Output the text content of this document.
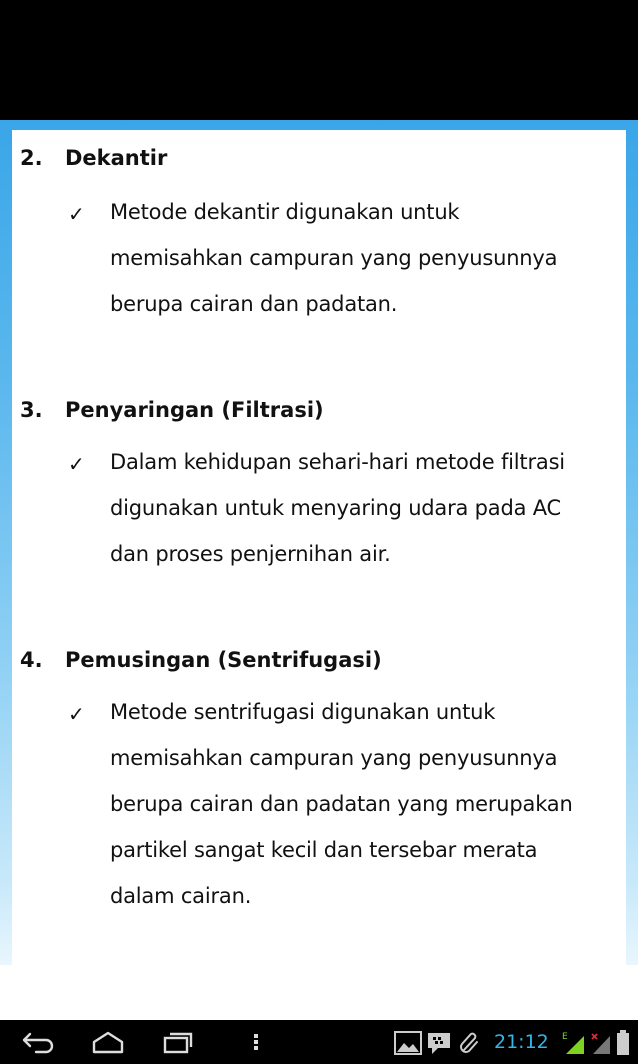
2. Dekantir
✓ Metode dekantir digunakan untuk
memisahkan campuran yang penyusunnya
berupa cairan dan padatan.
3. Penyaringan (Filtrasi)
✓ Dalam kehidupan sehari-hari metode filtrasi
digunakan untuk menyaring udara pada AC
dan proses penjernihan air.
4. Pemusingan (Sentrifugasi)
✓ Metode sentrifugasi digunakan untuk
memisahkan campuran yang penyusunnya
berupa cairan dan padatan yang merupakan
partikel sangat kecil dan tersebar merata
dalam cairan.
21:12 E
